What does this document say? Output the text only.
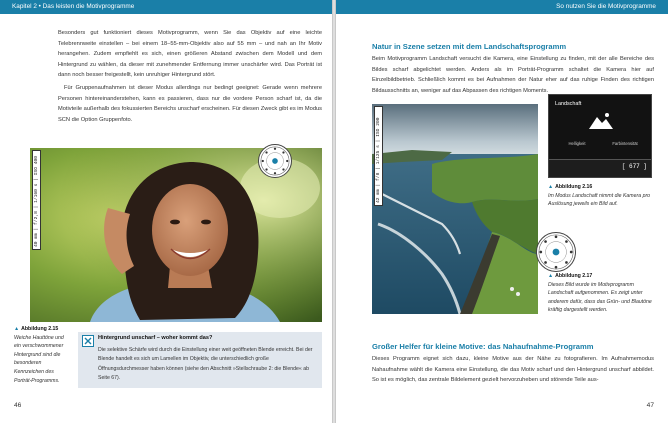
Kapitel 2 • Das leisten die Motivprogramme

Besonders gut funktioniert dieses Motivprogramm, wenn Sie das Objektiv auf eine leichte Telebrennweite einstellen – bei einem 18–55-mm-Objektiv also auf 55 mm – und nah an Ihr Motiv herangehen. Zudem empfiehlt es sich, einen größeren Abstand zwischen dem Modell und dem Hintergrund zu wählen, da dieser mit zunehmender Entfernung immer unschärfer wird. Das Porträt ist dann noch besser freigestellt, kein unruhiger Hintergrund stört.

Für Gruppenaufnahmen ist dieser Modus allerdings nur bedingt geeignet: Gerade wenn mehrere Personen hintereinanderstehen, kann es passieren, dass nur die vordere Person scharf ist, da die Motivteile außerhalb des fokussierten Bereichs unscharf erscheinen. Für diesen Zweck gibt es im Modus SCN die Option Gruppenfoto.

40 mm | f/2,8 | 1/160 s | ISO 400
▲ Abbildung 2.15
Weiche Hauttöne und ein verschwommener Hintergrund sind die besonderen Kennzeichen des Porträt-Programms.
Hintergrund unscharf – woher kommt das?
Die selektive Schärfe wird durch die Einstellung einer weit geöffneten Blende erreicht. Bei der Blende handelt es sich um Lamellen im Objektiv, die unterschiedlich große Öffnungsdurchmesser haben können (siehe den Abschnitt »Stellschraube 2: die Blende« ab Seite 67).
46
So nutzen Sie die Motivprogramme
Natur in Szene setzen mit dem Landschaftsprogramm
Beim Motivprogramm Landschaft versucht die Kamera, eine Einstellung zu finden, mit der alle Bereiche des Bildes scharf abgelichtet werden. Anders als im Porträt-Programm schaltet die Kamera hier auf Einzelbildbetrieb. Schließlich kommt es bei Aufnahmen der Natur eher auf das ruhige Finden des richtigen Bildausschnitts an, weniger auf das Abpassen des richtigen Moments.
42 mm | f/8 | 1/125 s | ISO 200
Landschaft
Helligkeit	Farbintensität
[ 677 ]
▲ Abbildung 2.16
Im Modus Landschaft nimmt die Kamera pro Auslösung jeweils ein Bild auf.
▲ Abbildung 2.17
Dieses Bild wurde im Motivprogramm Landschaft aufgenommen. Es zeigt unter anderem dafür, dass das Grün- und Blautöne kräftig dargestellt werden.
Großer Helfer für kleine Motive: das Nahaufnahme-Programm
Dieses Programm eignet sich dazu, kleine Motive aus der Nähe zu fotografieren. Im Aufnahmemodus Nahaufnahme wählt die Kamera eine Einstellung, die das Motiv scharf und den Hintergrund unscharf abbildet. So ist es möglich, das zentrale Bildelement gezielt hervorzuheben und störende Teile aus-
47
